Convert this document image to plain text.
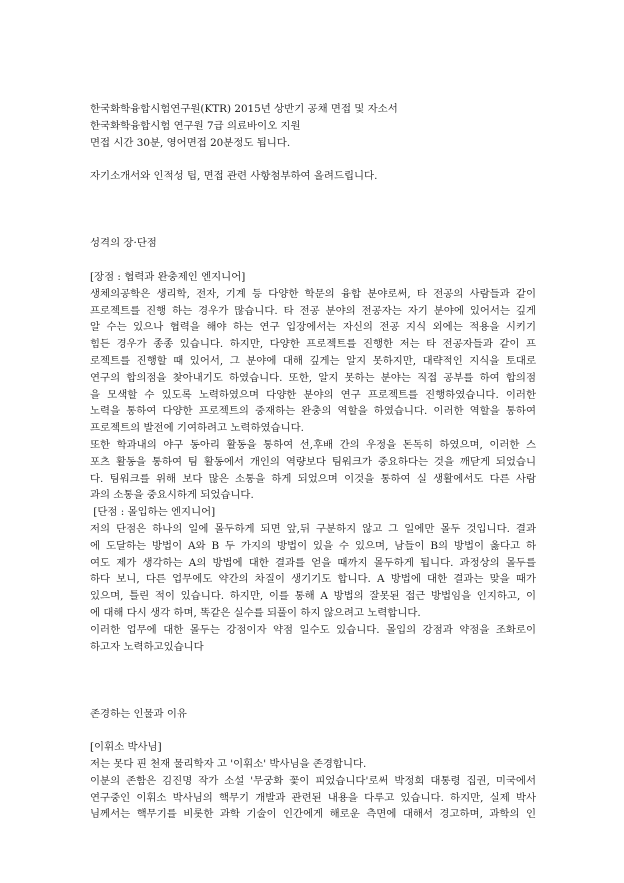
한국화학융합시험연구원(KTR) 2015년 상반기 공채 면접 및 자소서
한국화학융합시험 연구원 7급 의료바이오 지원
면접 시간 30분, 영어면접 20분정도 됩니다.
자기소개서와 인적성 팁, 면접 관련 사항첨부하여 올려드립니다.
성격의 장·단점
[장점 : 협력과 완충제인 엔지니어]
생체의공학은 생리학, 전자, 기계 등 다양한 학문의 융합 분야로써, 타 전공의 사람들과 같이
프로젝트를 진행 하는 경우가 많습니다. 타 전공 분야의 전공자는 자기 분야에 있어서는 깊게
알 수는 있으나 협력을 해야 하는 연구 입장에서는 자신의 전공 지식 외에는 적용을 시키기
힘든 경우가 종종 있습니다. 하지만, 다양한 프로젝트를 진행한 저는 타 전공자들과 같이 프
로젝트를 진행할 때 있어서, 그 분야에 대해 깊게는 알지 못하지만, 대략적인 지식을 토대로
연구의 합의점을 찾아내기도 하였습니다. 또한, 알지 못하는 분야는 직접 공부를 하여 합의점
을 모색할 수 있도록 노력하였으며 다양한 분야의 연구 프로젝트를 진행하였습니다. 이러한
노력을 통하여 다양한 프로젝트의 중재하는 완충의 역할을 하였습니다. 이러한 역할을 통하여
프로젝트의 발전에 기여하려고 노력하였습니다.
또한 학과내의 야구 동아리 활동을 통하여 선,후배 간의 우정을 돈독히 하였으며, 이러한 스
포츠 활동을 통하여 팀 활동에서 개인의 역량보다 팀워크가 중요하다는 것을 깨닫게 되었습니
다. 팀워크를 위해 보다 많은 소통을 하게 되었으며 이것을 통하여 실 생활에서도 다른 사람
과의 소통을 중요시하게 되었습니다.
[단점 : 몰입하는 엔지니어]
저의 단점은 하나의 일에 몰두하게 되면 앞,뒤 구분하지 않고 그 일에만 몰두 것입니다. 결과
에 도달하는 방법이 A와 B 두 가지의 방법이 있을 수 있으며, 남들이 B의 방법이 옳다고 하
여도 제가 생각하는 A의 방법에 대한 결과를 얻을 때까지 몰두하게 됩니다. 과정상의 몰두를
하다 보니, 다른 업무에도 약간의 차질이 생기기도 합니다. A 방법에 대한 결과는 맞을 때가
있으며, 틀린 적이 있습니다. 하지만, 이를 통해 A 방법의 잘못된 접근 방법임을 인지하고, 이
에 대해 다시 생각 하며, 똑같은 실수를 되풀이 하지 않으려고 노력합니다.
이러한 업무에 대한 몰두는 강점이자 약점 일수도 있습니다. 몰입의 강점과 약점을 조화로이
하고자 노력하고있습니다
존경하는 인물과 이유
[이휘소 박사님]
저는 못다 핀 천재 물리학자 고 '이휘소' 박사님을 존경합니다.
이분의 존함은 김진명 작가 소설 '무궁화 꽃이 피었습니다'로써 박정희 대통령 집권, 미국에서
연구중인 이휘소 박사님의 핵무기 개발과 관련된 내용을 다루고 있습니다. 하지만, 실제 박사
님께서는 핵무기를 비롯한 과학 기술이 인간에게 해로운 측면에 대해서 경고하며, 과학의 인
